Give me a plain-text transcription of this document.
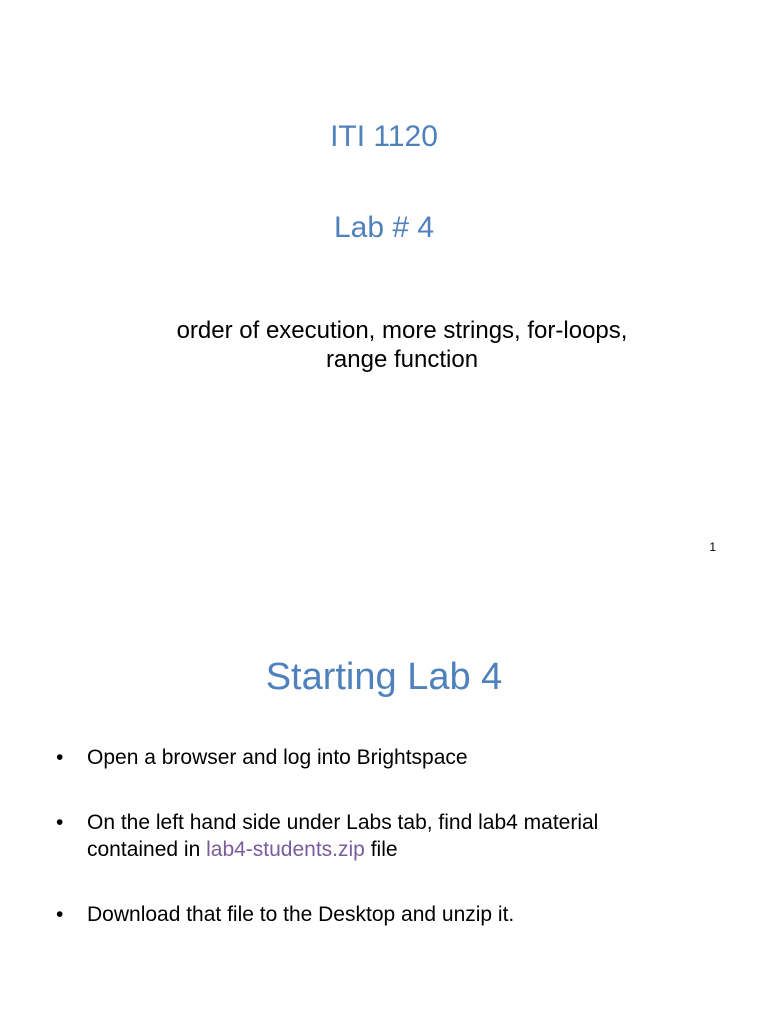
ITI 1120
Lab # 4
order of execution, more strings, for-loops,
range function
1
Starting Lab 4
• Open a browser and log into Brightspace
• On the left hand side under Labs tab, find lab4 material
contained in lab4-students.zip file
• Download that file to the Desktop and unzip it.
